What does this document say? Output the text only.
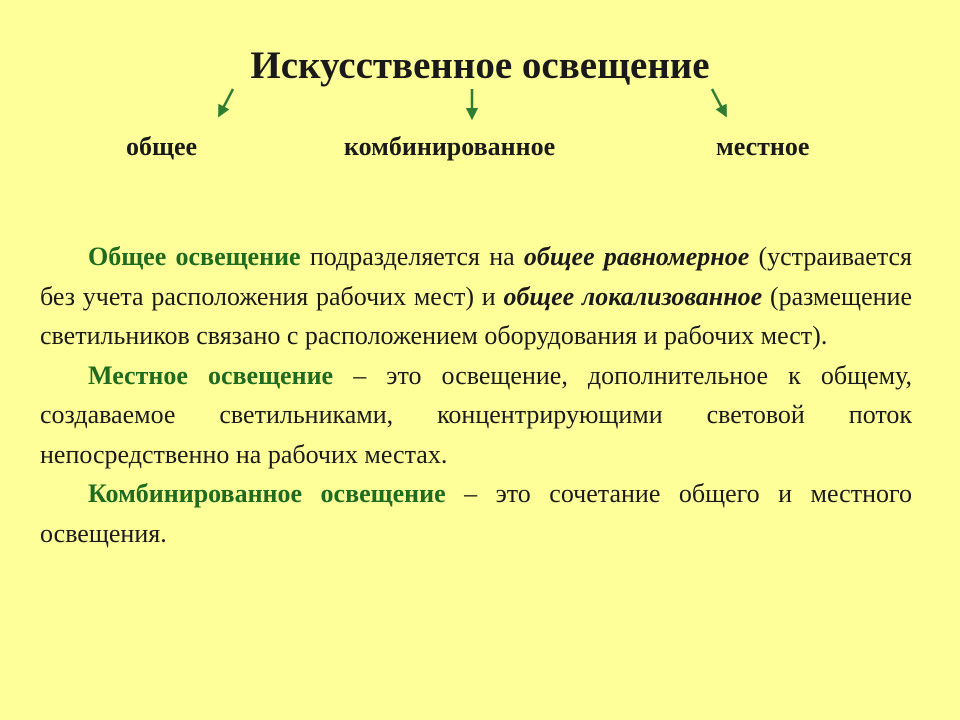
Искусственное освещение
общее	комбинированное	местное

Общее освещение подразделяется на общее равномерное (устраивается без учета расположения рабочих мест) и общее локализованное (размещение светильников связано с расположением оборудования и рабочих мест).

Местное освещение – это освещение, дополнительное к общему, создаваемое светильниками, концентрирующими световой поток непосредственно на рабочих местах.

Комбинированное освещение – это сочетание общего и местного освещения.
